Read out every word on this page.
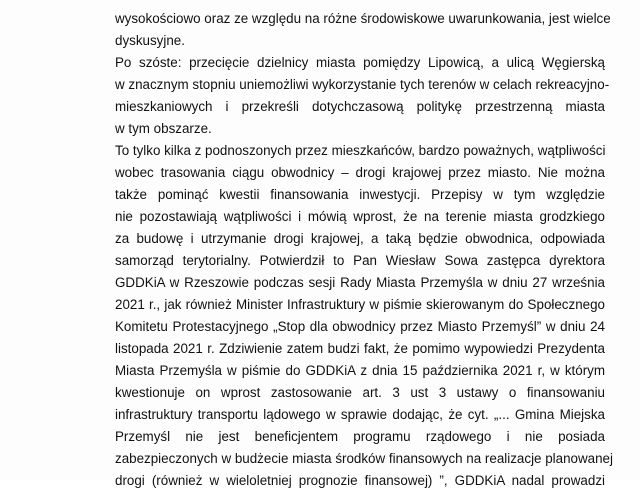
wysokościowo oraz ze względu na różne środowiskowe uwarunkowania, jest wielce
dyskusyjne.
Po szóste: przecięcie dzielnicy miasta pomiędzy Lipowicą, a ulicą Węgierską
w znacznym stopniu uniemożliwi wykorzystanie tych terenów w celach rekreacyjno-
mieszkaniowych i przekreśli dotychczasową politykę przestrzenną miasta
w tym obszarze.
To tylko kilka z podnoszonych przez mieszkańców, bardzo poważnych, wątpliwości
wobec trasowania ciągu obwodnicy – drogi krajowej przez miasto. Nie można
także pominąć kwestii finansowania inwestycji. Przepisy w tym względzie
nie pozostawiają wątpliwości i mówią wprost, że na terenie miasta grodzkiego
za budowę i utrzymanie drogi krajowej, a taką będzie obwodnica, odpowiada
samorząd terytorialny. Potwierdził to Pan Wiesław Sowa zastępca dyrektora
GDDKiA w Rzeszowie podczas sesji Rady Miasta Przemyśla w dniu 27 września
2021 r., jak również Minister Infrastruktury w piśmie skierowanym do Społecznego
Komitetu Protestacyjnego „Stop dla obwodnicy przez Miasto Przemyśl” w dniu 24
listopada 2021 r. Zdziwienie zatem budzi fakt, że pomimo wypowiedzi Prezydenta
Miasta Przemyśla w piśmie do GDDKiA z dnia 15 października 2021 r, w którym
kwestionuje on wprost zastosowanie art. 3 ust 3 ustawy o finansowaniu
infrastruktury transportu lądowego w sprawie dodając, że cyt. „... Gmina Miejska
Przemyśl nie jest beneficjentem programu rządowego i nie posiada
zabezpieczonych w budżecie miasta środków finansowych na realizacje planowanej
drogi (również w wieloletniej prognozie finansowej) ”, GDDKiA nadal prowadzi
